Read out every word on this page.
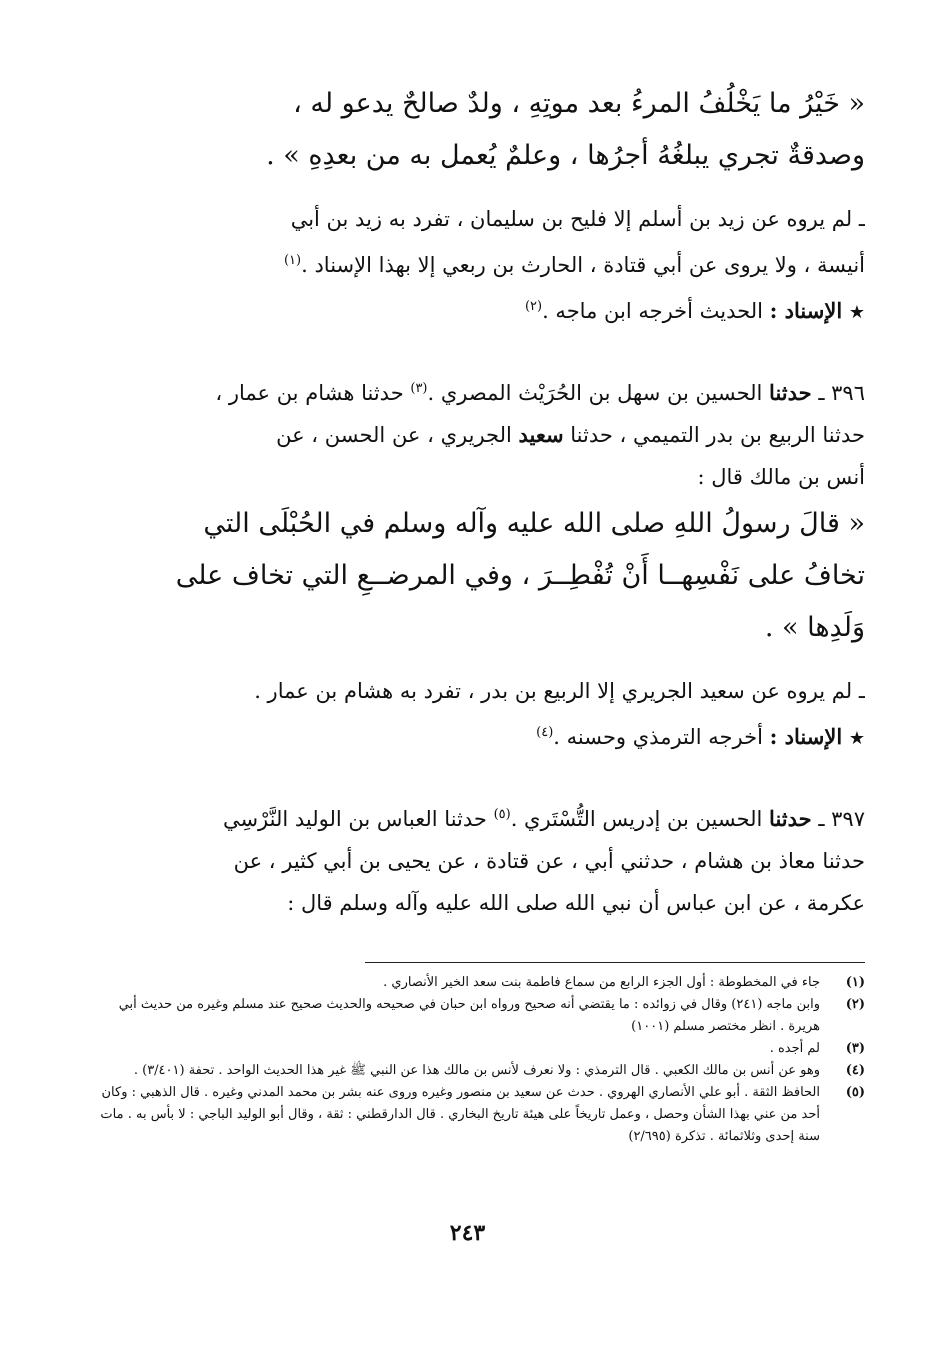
« خَيْرُ ما يَخْلُفُ المرءُ بعد موتِهِ ، ولدٌ صالحٌ يدعو له ،
وصدقةٌ تجري يبلغُهُ أجرُها ، وعلمٌ يُعمل به من بعدِهِ » .
ـ لم يروه عن زيد بن أسلم إلا فليح بن سليمان ، تفرد به زيد بن أبي
أنيسة ، ولا يروى عن أبي قتادة ، الحارث بن ربعي إلا بهذا الإسناد .$^{(١)}$
★ الإسناد : الحديث أخرجه ابن ماجه .$^{(٢)}$
٣٩٦ ـ حدثنا الحسين بن سهل بن الحُرَيْث المصري .$^{(٣)}$ حدثنا هشام بن عمار ،
حدثنا الربيع بن بدر التميمي ، حدثنا سعيد الجريري ، عن الحسن ، عن
أنس بن مالك قال :
« قالَ رسولُ اللهِ صلى الله عليه وآله وسلم في الحُبْلَى التي
تخافُ على نَفْسِهــا أَنْ تُفْطِــرَ ، وفي المرضــعِ التي تخاف على
وَلَدِها » .
ـ لم يروه عن سعيد الجريري إلا الربيع بن بدر ، تفرد به هشام بن عمار .
★ الإسناد : أخرجه الترمذي وحسنه .$^{(٤)}$
٣٩٧ ـ حدثنا الحسين بن إدريس التُّسْتَري .$^{(٥)}$ حدثنا العباس بن الوليد النَّرْسِي
حدثنا معاذ بن هشام ، حدثني أبي ، عن قتادة ، عن يحيى بن أبي كثير ، عن
عكرمة ، عن ابن عباس أن نبي الله صلى الله عليه وآله وسلم قال :
(١)
جاء في المخطوطة : أول الجزء الرابع من سماع فاطمة بنت سعد الخير الأنصاري .
(٢)
وابن ماجه (٢٤١) وقال في زوائده : ما يقتضي أنه صحيح ورواه ابن حبان في صحيحه والحديث صحيح عند مسلم وغيره من حديث أبي هريرة . انظر مختصر مسلم (١٠٠١)
(٣)
لم أجده .
(٤)
وهو عن أنس بن مالك الكعبي . قال الترمذي : ولا نعرف لأنس بن مالك هذا عن النبي ﷺ غير هذا الحديث الواحد . تحفة (٣/٤٠١) .
(٥)
الحافظ الثقة . أبو علي الأنصاري الهروي . حدث عن سعيد بن منصور وغيره وروى عنه بشر بن محمد المدني وغيره . قال الذهبي : وكان أحد من عني بهذا الشأن وحصل ، وعمل تاريخاً على هيئة تاريخ البخاري . قال الدارقطني : ثقة ، وقال أبو الوليد الباجي : لا بأس به . مات سنة إحدى وثلاثمائة . تذكرة (٢/٦٩٥)
٢٤٣
